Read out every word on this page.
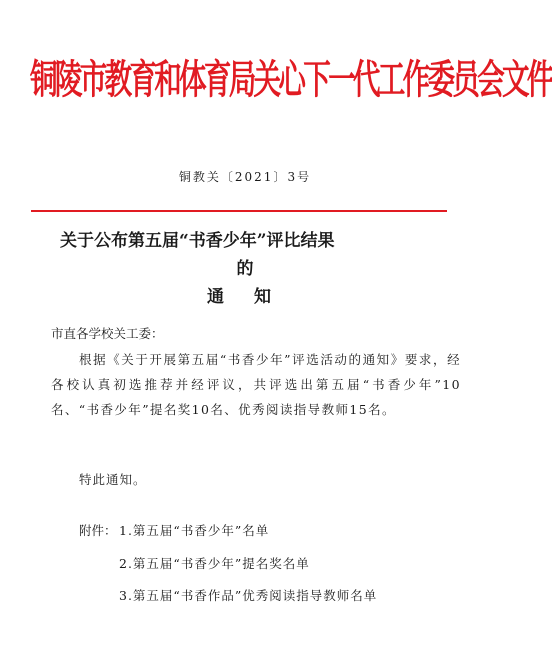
铜陵市教育和体育局关心下一代工作委员会文件
铜教关〔2021〕3号
关于公布第五届“书香少年”评比结果
的
通 知
市直各学校关工委：
根据《关于开展第五届“书香少年”评选活动的通知》要求，经各校认真初选推荐并经评议，共评选出第五届“书香少年”10名、“书香少年”提名奖10名、优秀阅读指导教师15名。
特此通知。
附件： 1.第五届“书香少年”名单
2.第五届“书香少年”提名奖名单
3.第五届“书香作品”优秀阅读指导教师名单
